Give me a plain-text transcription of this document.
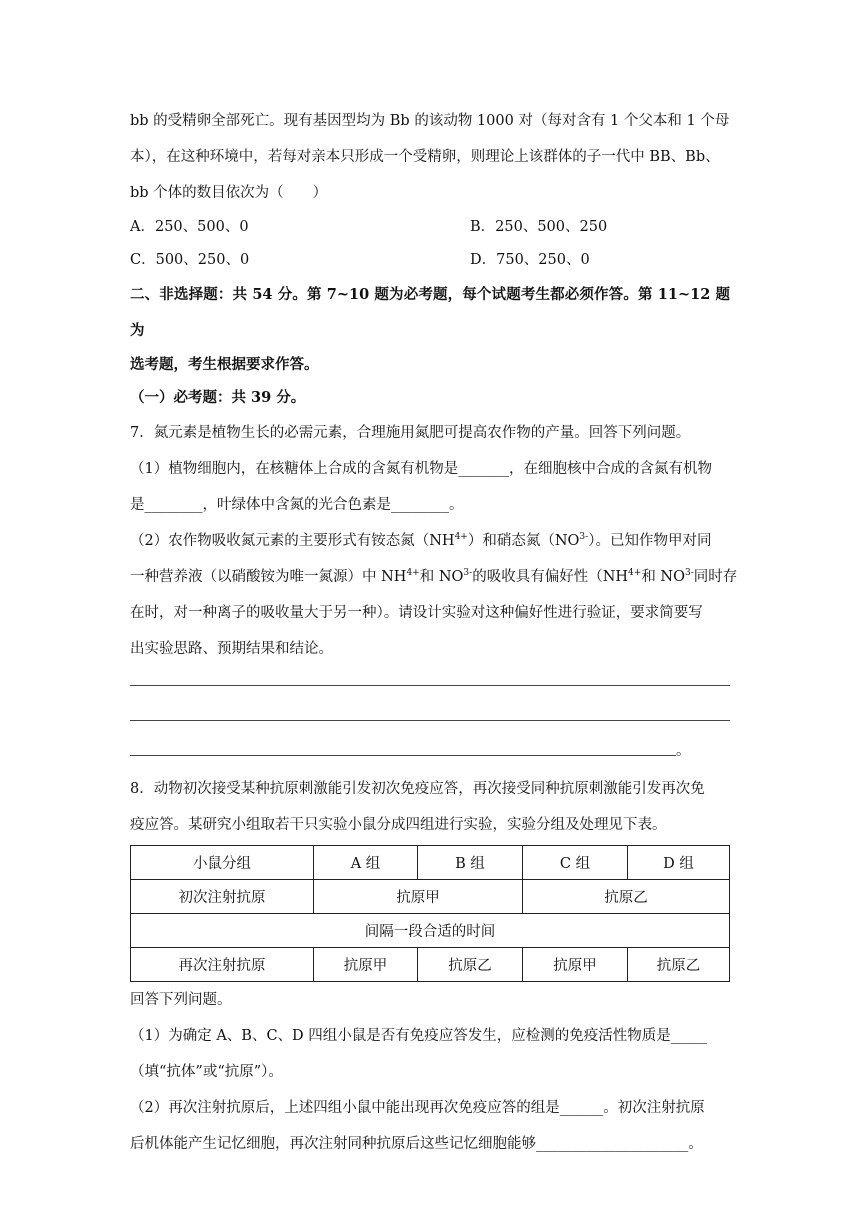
bb 的受精卵全部死亡。现有基因型均为 Bb 的该动物 1000 对（每对含有 1 个父本和 1 个母
本），在这种环境中，若每对亲本只形成一个受精卵，则理论上该群体的子一代中 BB、Bb、
bb 个体的数目依次为（　　）
A．250、500、0	B．250、500、250
C．500、250、0	D．750、250、0
二、非选择题：共 54 分。第 7~10 题为必考题，每个试题考生都必须作答。第 11~12 题为
选考题，考生根据要求作答。
（一）必考题：共 39 分。
7．氮元素是植物生长的必需元素，合理施用氮肥可提高农作物的产量。回答下列问题。
（1）植物细胞内，在核糖体上合成的含氮有机物是_______，在细胞核中合成的含氮有机物
是________，叶绿体中含氮的光合色素是________。
（2）农作物吸收氮元素的主要形式有铵态氮$(NH^{4+})$和硝态氮$(NO^{3-})$。已知作物甲对同
一种营养液（以硝酸铵为唯一氮源）中 $NH^{4+}$和 $NO^{3-}$的吸收具有偏好性（$NH^{4+}$和 $NO^{3-}$同时存
在时，对一种离子的吸收量大于另一种）。请设计实验对这种偏好性进行验证，要求简要写
出实验思路、预期结果和结论。
。
8．动物初次接受某种抗原刺激能引发初次免疫应答，再次接受同种抗原刺激能引发再次免
疫应答。某研究小组取若干只实验小鼠分成四组进行实验，实验分组及处理见下表。
小鼠分组	A 组	B 组	C 组	D 组
初次注射抗原	抗原甲		抗原乙	
间隔一段合适的时间				
再次注射抗原	抗原甲	抗原乙	抗原甲	抗原乙
回答下列问题。
（1）为确定 A、B、C、D 四组小鼠是否有免疫应答发生，应检测的免疫活性物质是_____
（填“抗体”或“抗原”）。
（2）再次注射抗原后，上述四组小鼠中能出现再次免疫应答的组是______。初次注射抗原
后机体能产生记忆细胞，再次注射同种抗原后这些记忆细胞能够_____________________。
